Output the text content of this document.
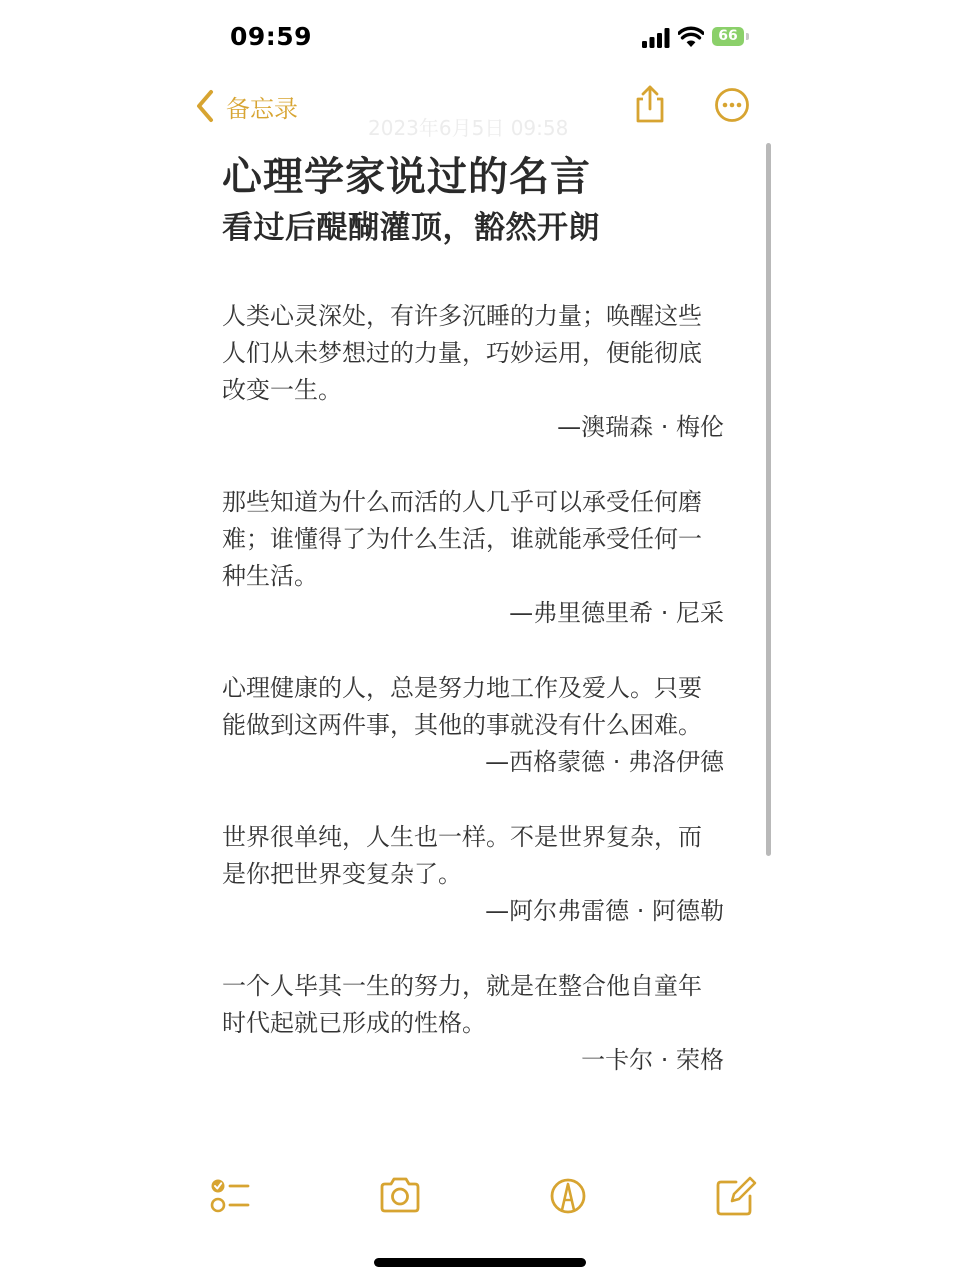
09:59	66
备忘录
2023年6月5日 09:58
心理学家说过的名言
看过后醍醐灌顶，豁然开朗

人类心灵深处，有许多沉睡的力量；唤醒这些人们从未梦想过的力量，巧妙运用，便能彻底改变一生。

—澳瑞森 · 梅伦

那些知道为什么而活的人几乎可以承受任何磨难；谁懂得了为什么生活，谁就能承受任何一种生活。

—弗里德里希 · 尼采

心理健康的人，总是努力地工作及爱人。只要能做到这两件事，其他的事就没有什么困难。

—西格蒙德 · 弗洛伊德

世界很单纯，人生也一样。不是世界复杂，而是你把世界变复杂了。

—阿尔弗雷德 · 阿德勒

一个人毕其一生的努力，就是在整合他自童年时代起就已形成的性格。

一卡尔 · 荣格
